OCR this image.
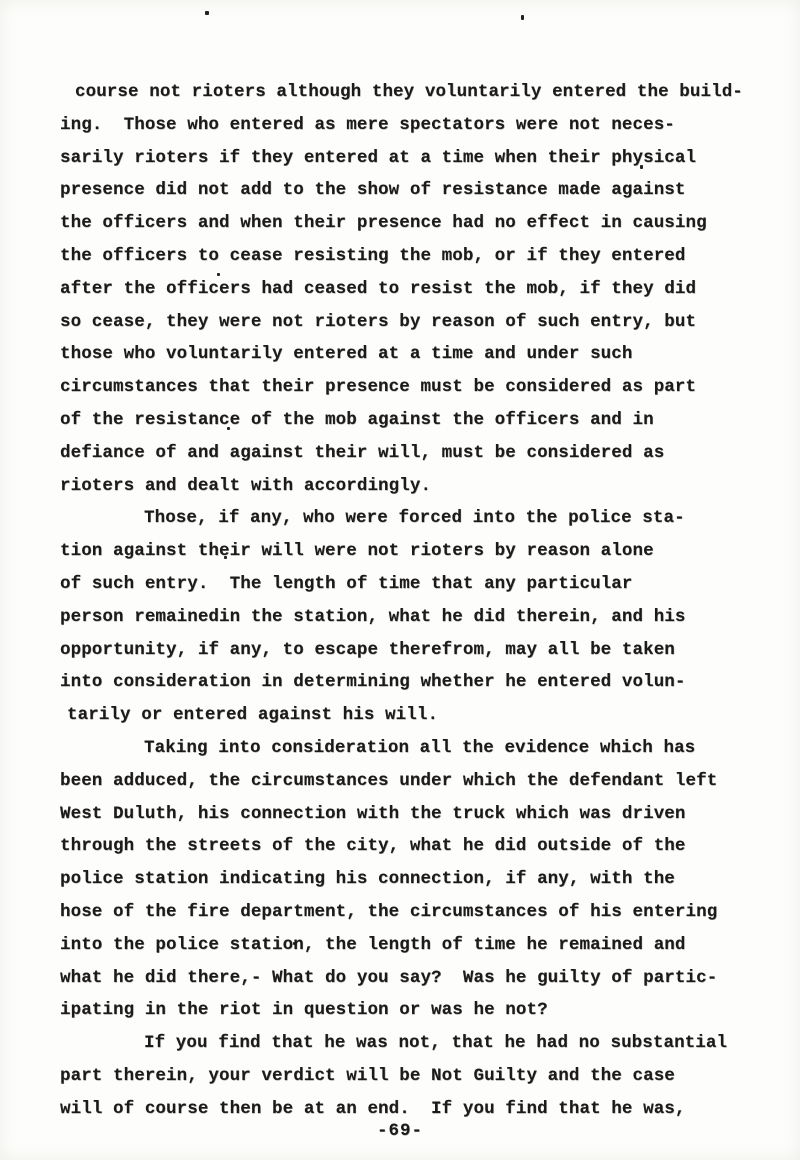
course not rioters although they voluntarily entered the build-
ing.  Those who entered as mere spectators were not neces-
sarily rioters if they entered at a time when their physical
presence did not add to the show of resistance made against
the officers and when their presence had no effect in causing
the officers to cease resisting the mob, or if they entered
after the officers had ceased to resist the mob, if they did
so cease, they were not rioters by reason of such entry, but
those who voluntarily entered at a time and under such
circumstances that their presence must be considered as part
of the resistance of the mob against the officers and in
defiance of and against their will, must be considered as
rioters and dealt with accordingly.
Those, if any, who were forced into the police sta-
tion against their will were not rioters by reason alone
of such entry.  The length of time that any particular
person remainedin the station, what he did therein, and his
opportunity, if any, to escape therefrom, may all be taken
into consideration in determining whether he entered volun-
tarily or entered against his will.
Taking into consideration all the evidence which has
been adduced, the circumstances under which the defendant left
West Duluth, his connection with the truck which was driven
through the streets of the city, what he did outside of the
police station indicating his connection, if any, with the
hose of the fire department, the circumstances of his entering
into the police station, the length of time he remained and
what he did there,- What do you say?  Was he guilty of partic-
ipating in the riot in question or was he not?
If you find that he was not, that he had no substantial
part therein, your verdict will be Not Guilty and the case
will of course then be at an end.  If you find that he was,
-69-
